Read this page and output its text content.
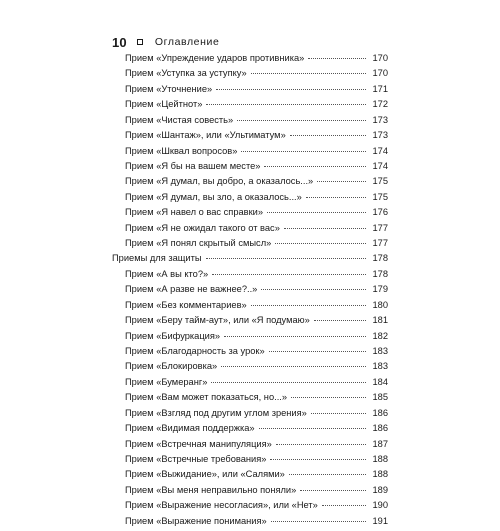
10	Оглавление
Прием «Упреждение ударов противника»	170
Прием «Уступка за уступку»	170
Прием «Уточнение»	171
Прием «Цейтнот»	172
Прием «Чистая совесть»	173
Прием «Шантаж», или «Ультиматум»	173
Прием «Шквал вопросов»	174
Прием «Я бы на вашем месте»	174
Прием «Я думал, вы добро, а оказалось...»	175
Прием «Я думал, вы зло, а оказалось...»	175
Прием «Я навел о вас справки»	176
Прием «Я не ожидал такого от вас»	177
Прием «Я понял скрытый смысл»	177
Приемы для защиты	178
Прием «А вы кто?»	178
Прием «А разве не важнее?..»	179
Прием «Без комментариев»	180
Прием «Беру тайм-аут», или «Я подумаю»	181
Прием «Бифуркация»	182
Прием «Благодарность за урок»	183
Прием «Блокировка»	183
Прием «Бумеранг»	184
Прием «Вам может показаться, но...»	185
Прием «Взгляд под другим углом зрения»	186
Прием «Видимая поддержка»	186
Прием «Встречная манипуляция»	187
Прием «Встречные требования»	188
Прием «Выжидание», или «Салями»	188
Прием «Вы меня неправильно поняли»	189
Прием «Выражение несогласия», или «Нет»	190
Прием «Выражение понимания»	191
